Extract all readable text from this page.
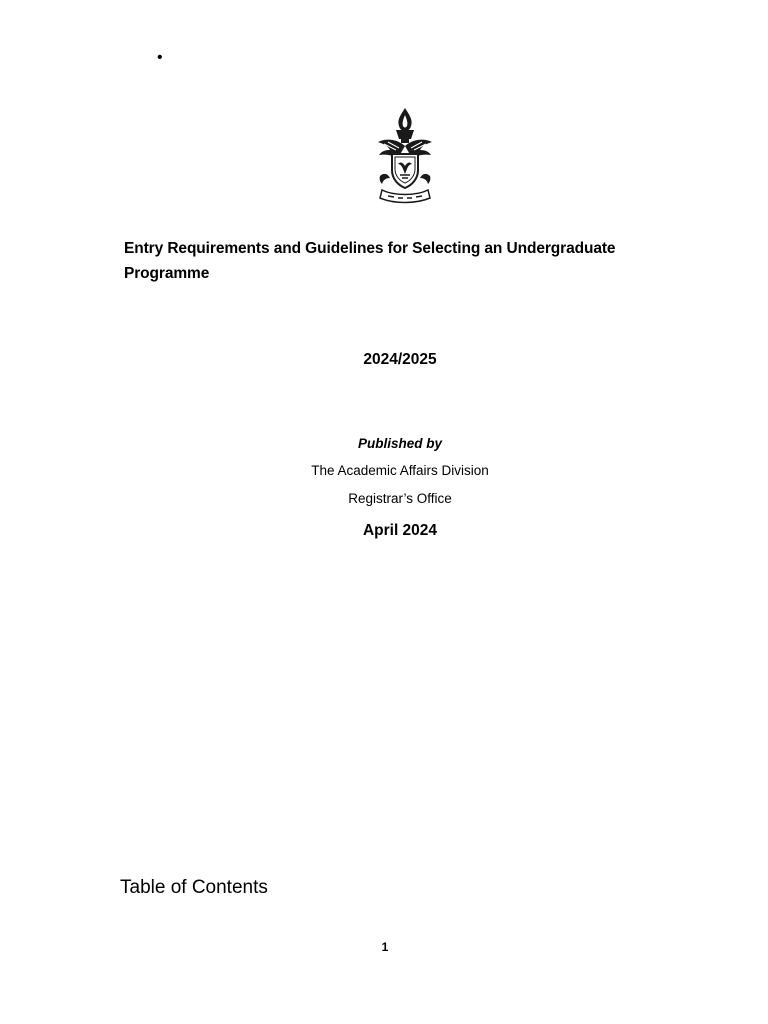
•
Entry Requirements and Guidelines for Selecting an Undergraduate Programme
2024/2025
Published by
The Academic Affairs Division
Registrar’s Office
April 2024
Table of Contents
1
